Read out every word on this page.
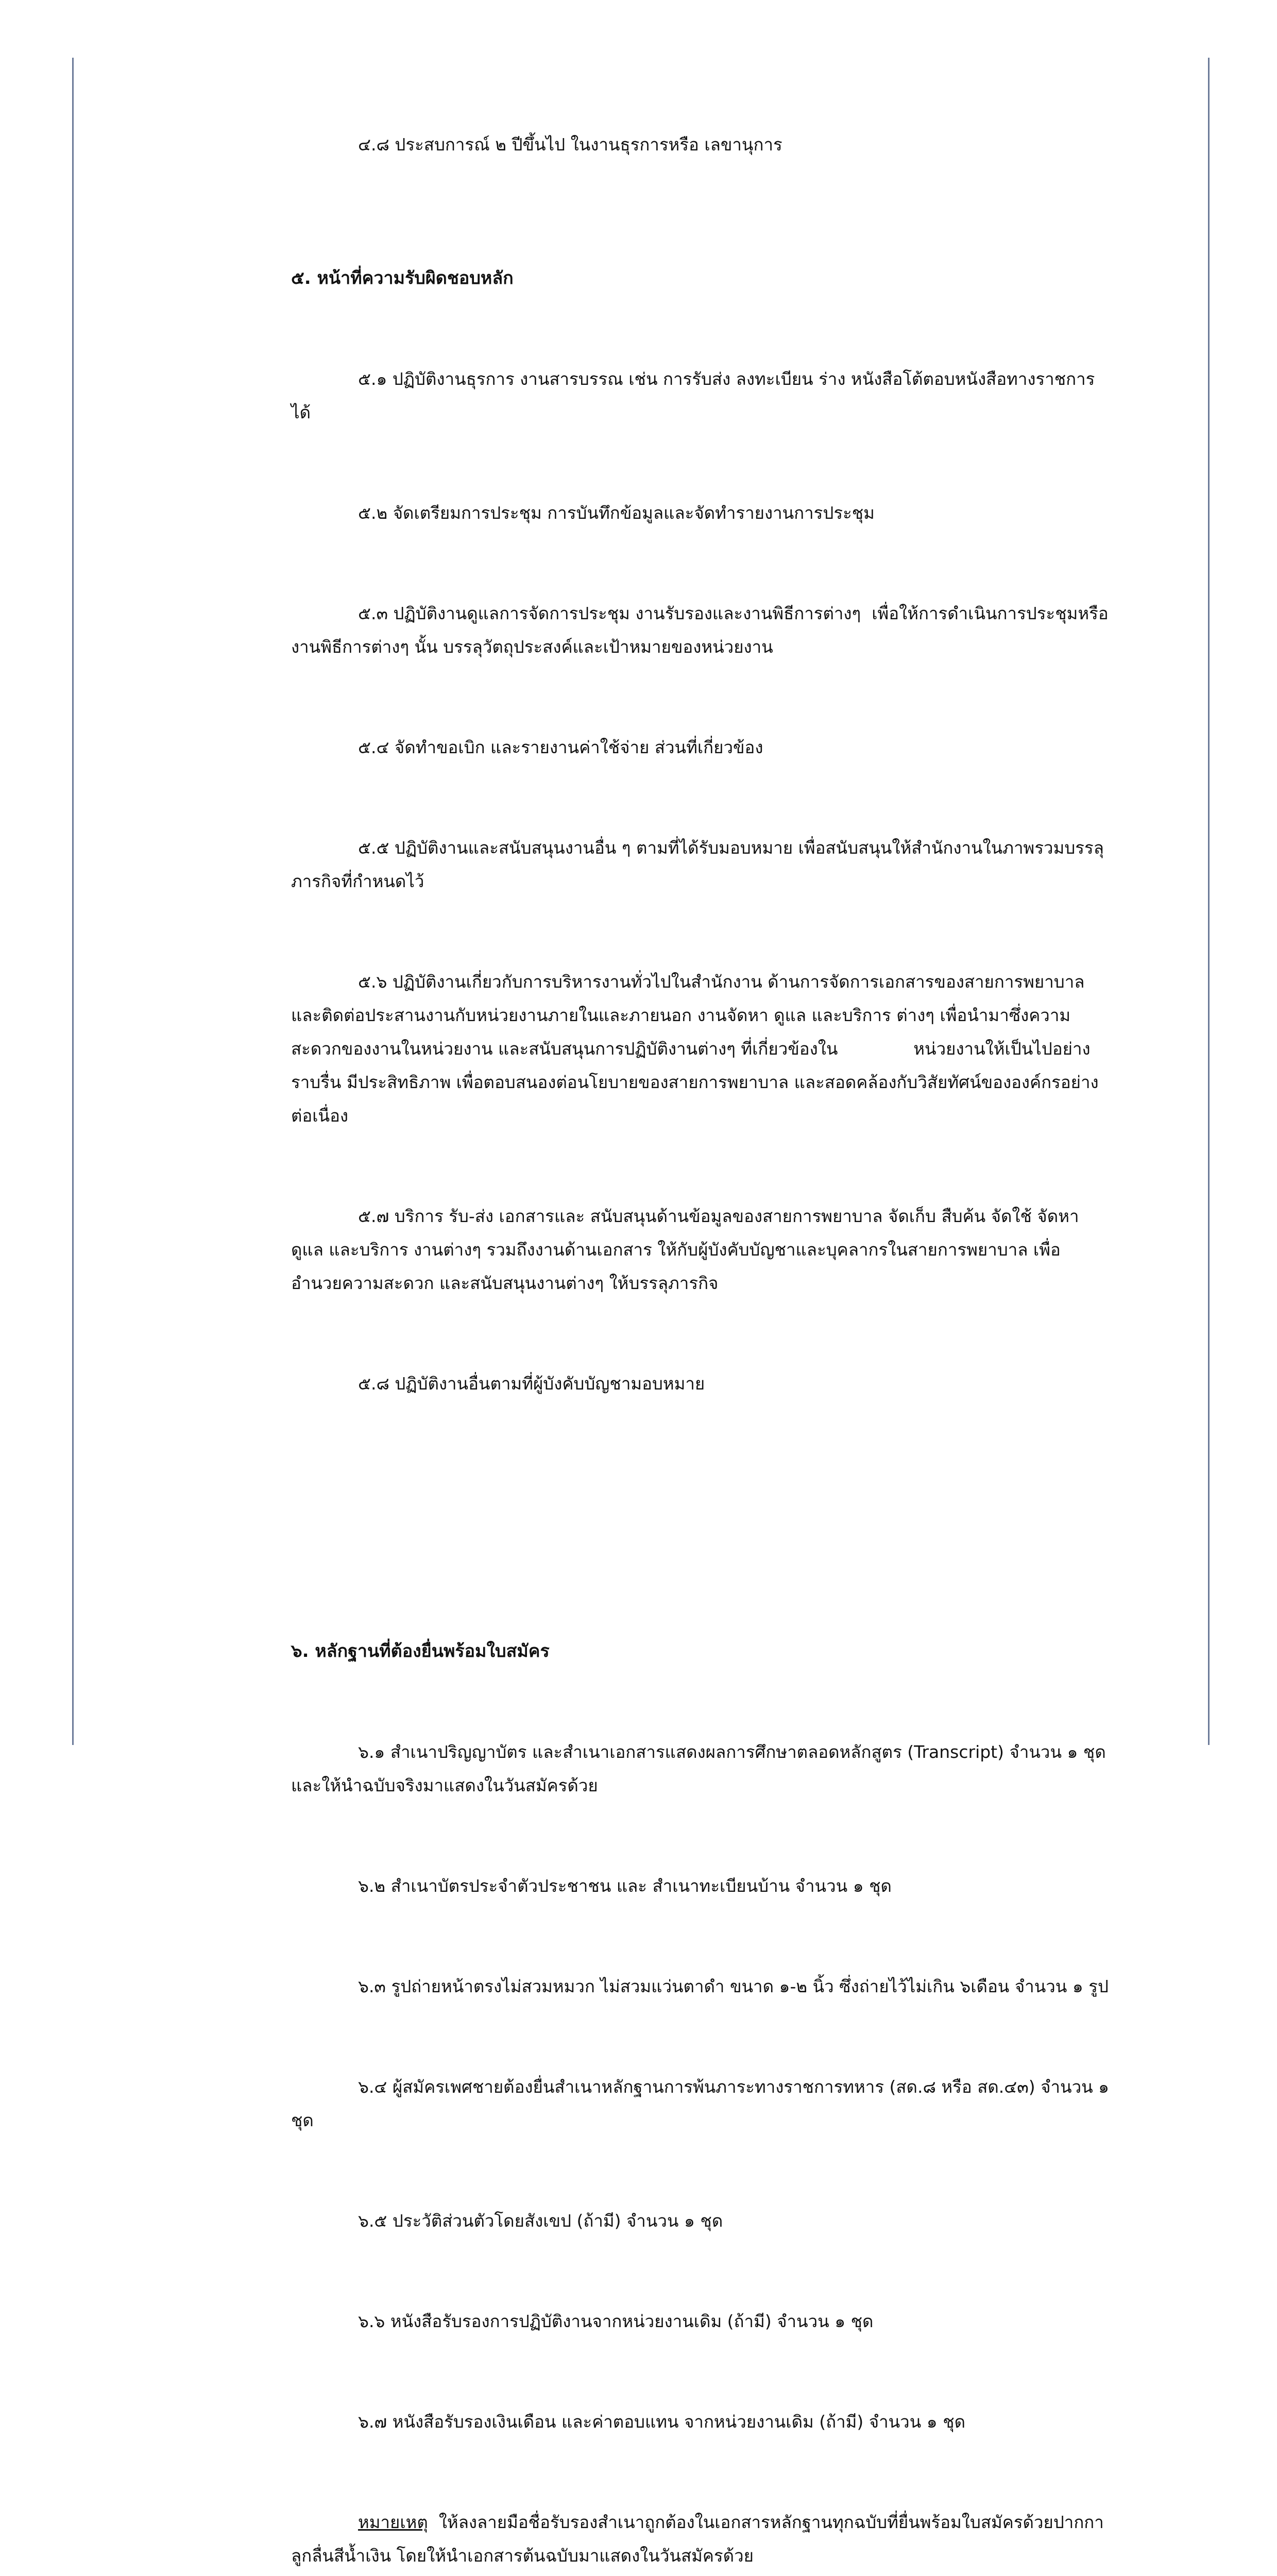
๔.๘ ประสบการณ์ ๒ ปีขึ้นไป ในงานธุรการหรือ เลขานุการ

๕. หน้าที่ความรับผิดชอบหลัก

๕.๑ ปฏิบัติงานธุรการ งานสารบรรณ เช่น การรับส่ง ลงทะเบียน ร่าง หนังสือโต้ตอบหนังสือทางราชการได้

๕.๒ จัดเตรียมการประชุม การบันทึกข้อมูลและจัดทำรายงานการประชุม

๕.๓ ปฏิบัติงานดูแลการจัดการประชุม งานรับรองและงานพิธีการต่างๆ  เพื่อให้การดำเนินการประชุมหรือ งานพิธีการต่างๆ นั้น บรรลุวัตถุประสงค์และเป้าหมายของหน่วยงาน

๕.๔ จัดทำขอเบิก และรายงานค่าใช้จ่าย ส่วนที่เกี่ยวข้อง

๕.๕ ปฏิบัติงานและสนับสนุนงานอื่น ๆ ตามที่ได้รับมอบหมาย เพื่อสนับสนุนให้สำนักงานในภาพรวมบรรลุภารกิจที่กำหนดไว้

๕.๖ ปฏิบัติงานเกี่ยวกับการบริหารงานทั่วไปในสำนักงาน ด้านการจัดการเอกสารของสายการพยาบาลและติดต่อประสานงานกับหน่วยงานภายในและภายนอก งานจัดหา ดูแล และบริการ ต่างๆ เพื่อนำมาซึ่งความสะดวกของงานในหน่วยงาน และสนับสนุนการปฏิบัติงานต่างๆ ที่เกี่ยวข้องใน              หน่วยงานให้เป็นไปอย่างราบรื่น มีประสิทธิภาพ เพื่อตอบสนองต่อนโยบายของสายการพยาบาล และสอดคล้องกับวิสัยทัศน์ขององค์กรอย่างต่อเนื่อง

๕.๗ บริการ รับ-ส่ง เอกสารและ สนับสนุนด้านข้อมูลของสายการพยาบาล จัดเก็บ สืบค้น จัดใช้ จัดหา ดูแล และบริการ งานต่างๆ รวมถึงงานด้านเอกสาร ให้กับผู้บังคับบัญชาและบุคลากรในสายการพยาบาล เพื่ออำนวยความสะดวก และสนับสนุนงานต่างๆ ให้บรรลุภารกิจ

๕.๘ ปฏิบัติงานอื่นตามที่ผู้บังคับบัญชามอบหมาย

๖. หลักฐานที่ต้องยื่นพร้อมใบสมัคร

๖.๑ สำเนาปริญญาบัตร และสำเนาเอกสารแสดงผลการศึกษาตลอดหลักสูตร (Transcript) จำนวน ๑ ชุด และให้นำฉบับจริงมาแสดงในวันสมัครด้วย

๖.๒ สำเนาบัตรประจำตัวประชาชน และ สำเนาทะเบียนบ้าน จำนวน ๑ ชุด

๖.๓ รูปถ่ายหน้าตรงไม่สวมหมวก ไม่สวมแว่นตาดำ ขนาด ๑-๒ นิ้ว ซึ่งถ่ายไว้ไม่เกิน ๖เดือน จำนวน ๑ รูป

๖.๔ ผู้สมัครเพศชายต้องยื่นสำเนาหลักฐานการพ้นภาระทางราชการทหาร (สด.๘ หรือ สด.๔๓) จำนวน ๑ ชุด

๖.๕ ประวัติส่วนตัวโดยสังเขป (ถ้ามี) จำนวน ๑ ชุด

๖.๖ หนังสือรับรองการปฏิบัติงานจากหน่วยงานเดิม (ถ้ามี) จำนวน ๑ ชุด

๖.๗ หนังสือรับรองเงินเดือน และค่าตอบแทน จากหน่วยงานเดิม (ถ้ามี) จำนวน ๑ ชุด

หมายเหตุ  ให้ลงลายมือชื่อรับรองสำเนาถูกต้องในเอกสารหลักฐานทุกฉบับที่ยื่นพร้อมใบสมัครด้วยปากกาลูกลื่นสีน้ำเงิน โดยให้นำเอกสารต้นฉบับมาแสดงในวันสมัครด้วย
